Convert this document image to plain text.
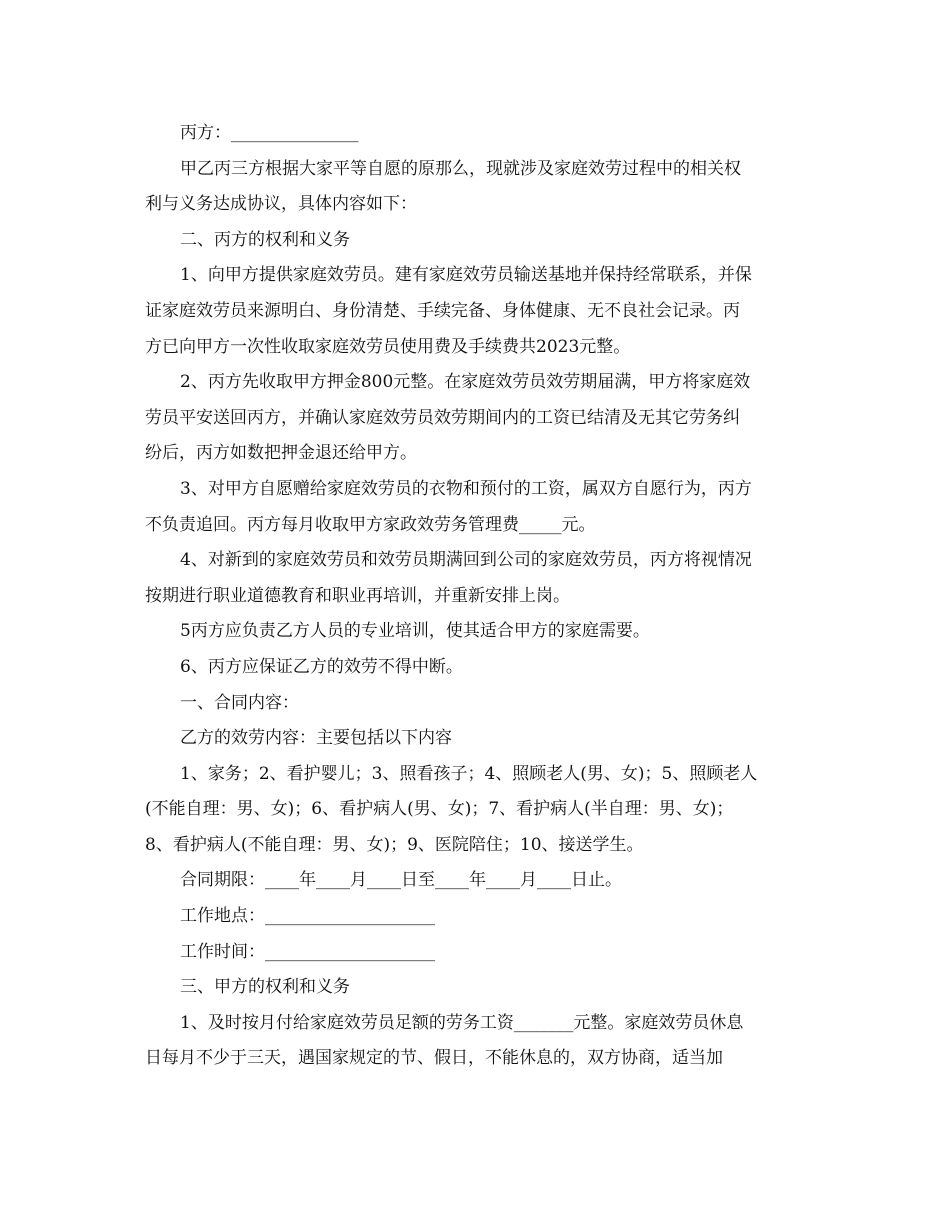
丙方：_______________

甲乙丙三方根据大家平等自愿的原那么，现就涉及家庭效劳过程中的相关权

利与义务达成协议，具体内容如下：

二、丙方的权利和义务

1、向甲方提供家庭效劳员。建有家庭效劳员输送基地并保持经常联系，并保

证家庭效劳员来源明白、身份清楚、手续完备、身体健康、无不良社会记录。丙

方已向甲方一次性收取家庭效劳员使用费及手续费共2023元整。

2、丙方先收取甲方押金800元整。在家庭效劳员效劳期届满，甲方将家庭效

劳员平安送回丙方，并确认家庭效劳员效劳期间内的工资已结清及无其它劳务纠

纷后，丙方如数把押金退还给甲方。

3、对甲方自愿赠给家庭效劳员的衣物和预付的工资，属双方自愿行为，丙方

不负责追回。丙方每月收取甲方家政效劳务管理费_____元。

4、对新到的家庭效劳员和效劳员期满回到公司的家庭效劳员，丙方将视情况

按期进行职业道德教育和职业再培训，并重新安排上岗。

5丙方应负责乙方人员的专业培训，使其适合甲方的家庭需要。

6、丙方应保证乙方的效劳不得中断。

一、合同内容：

乙方的效劳内容：主要包括以下内容

1、家务；2、看护婴儿；3、照看孩子；4、照顾老人(男、女)；5、照顾老人

(不能自理：男、女)；6、看护病人(男、女)；7、看护病人(半自理：男、女)；

8、看护病人(不能自理：男、女)；9、医院陪住；10、接送学生。

合同期限：____年____月____日至____年____月____日止。

工作地点：____________________

工作时间：____________________

三、甲方的权利和义务

1、及时按月付给家庭效劳员足额的劳务工资_______元整。家庭效劳员休息

日每月不少于三天，遇国家规定的节、假日，不能休息的，双方协商，适当加
